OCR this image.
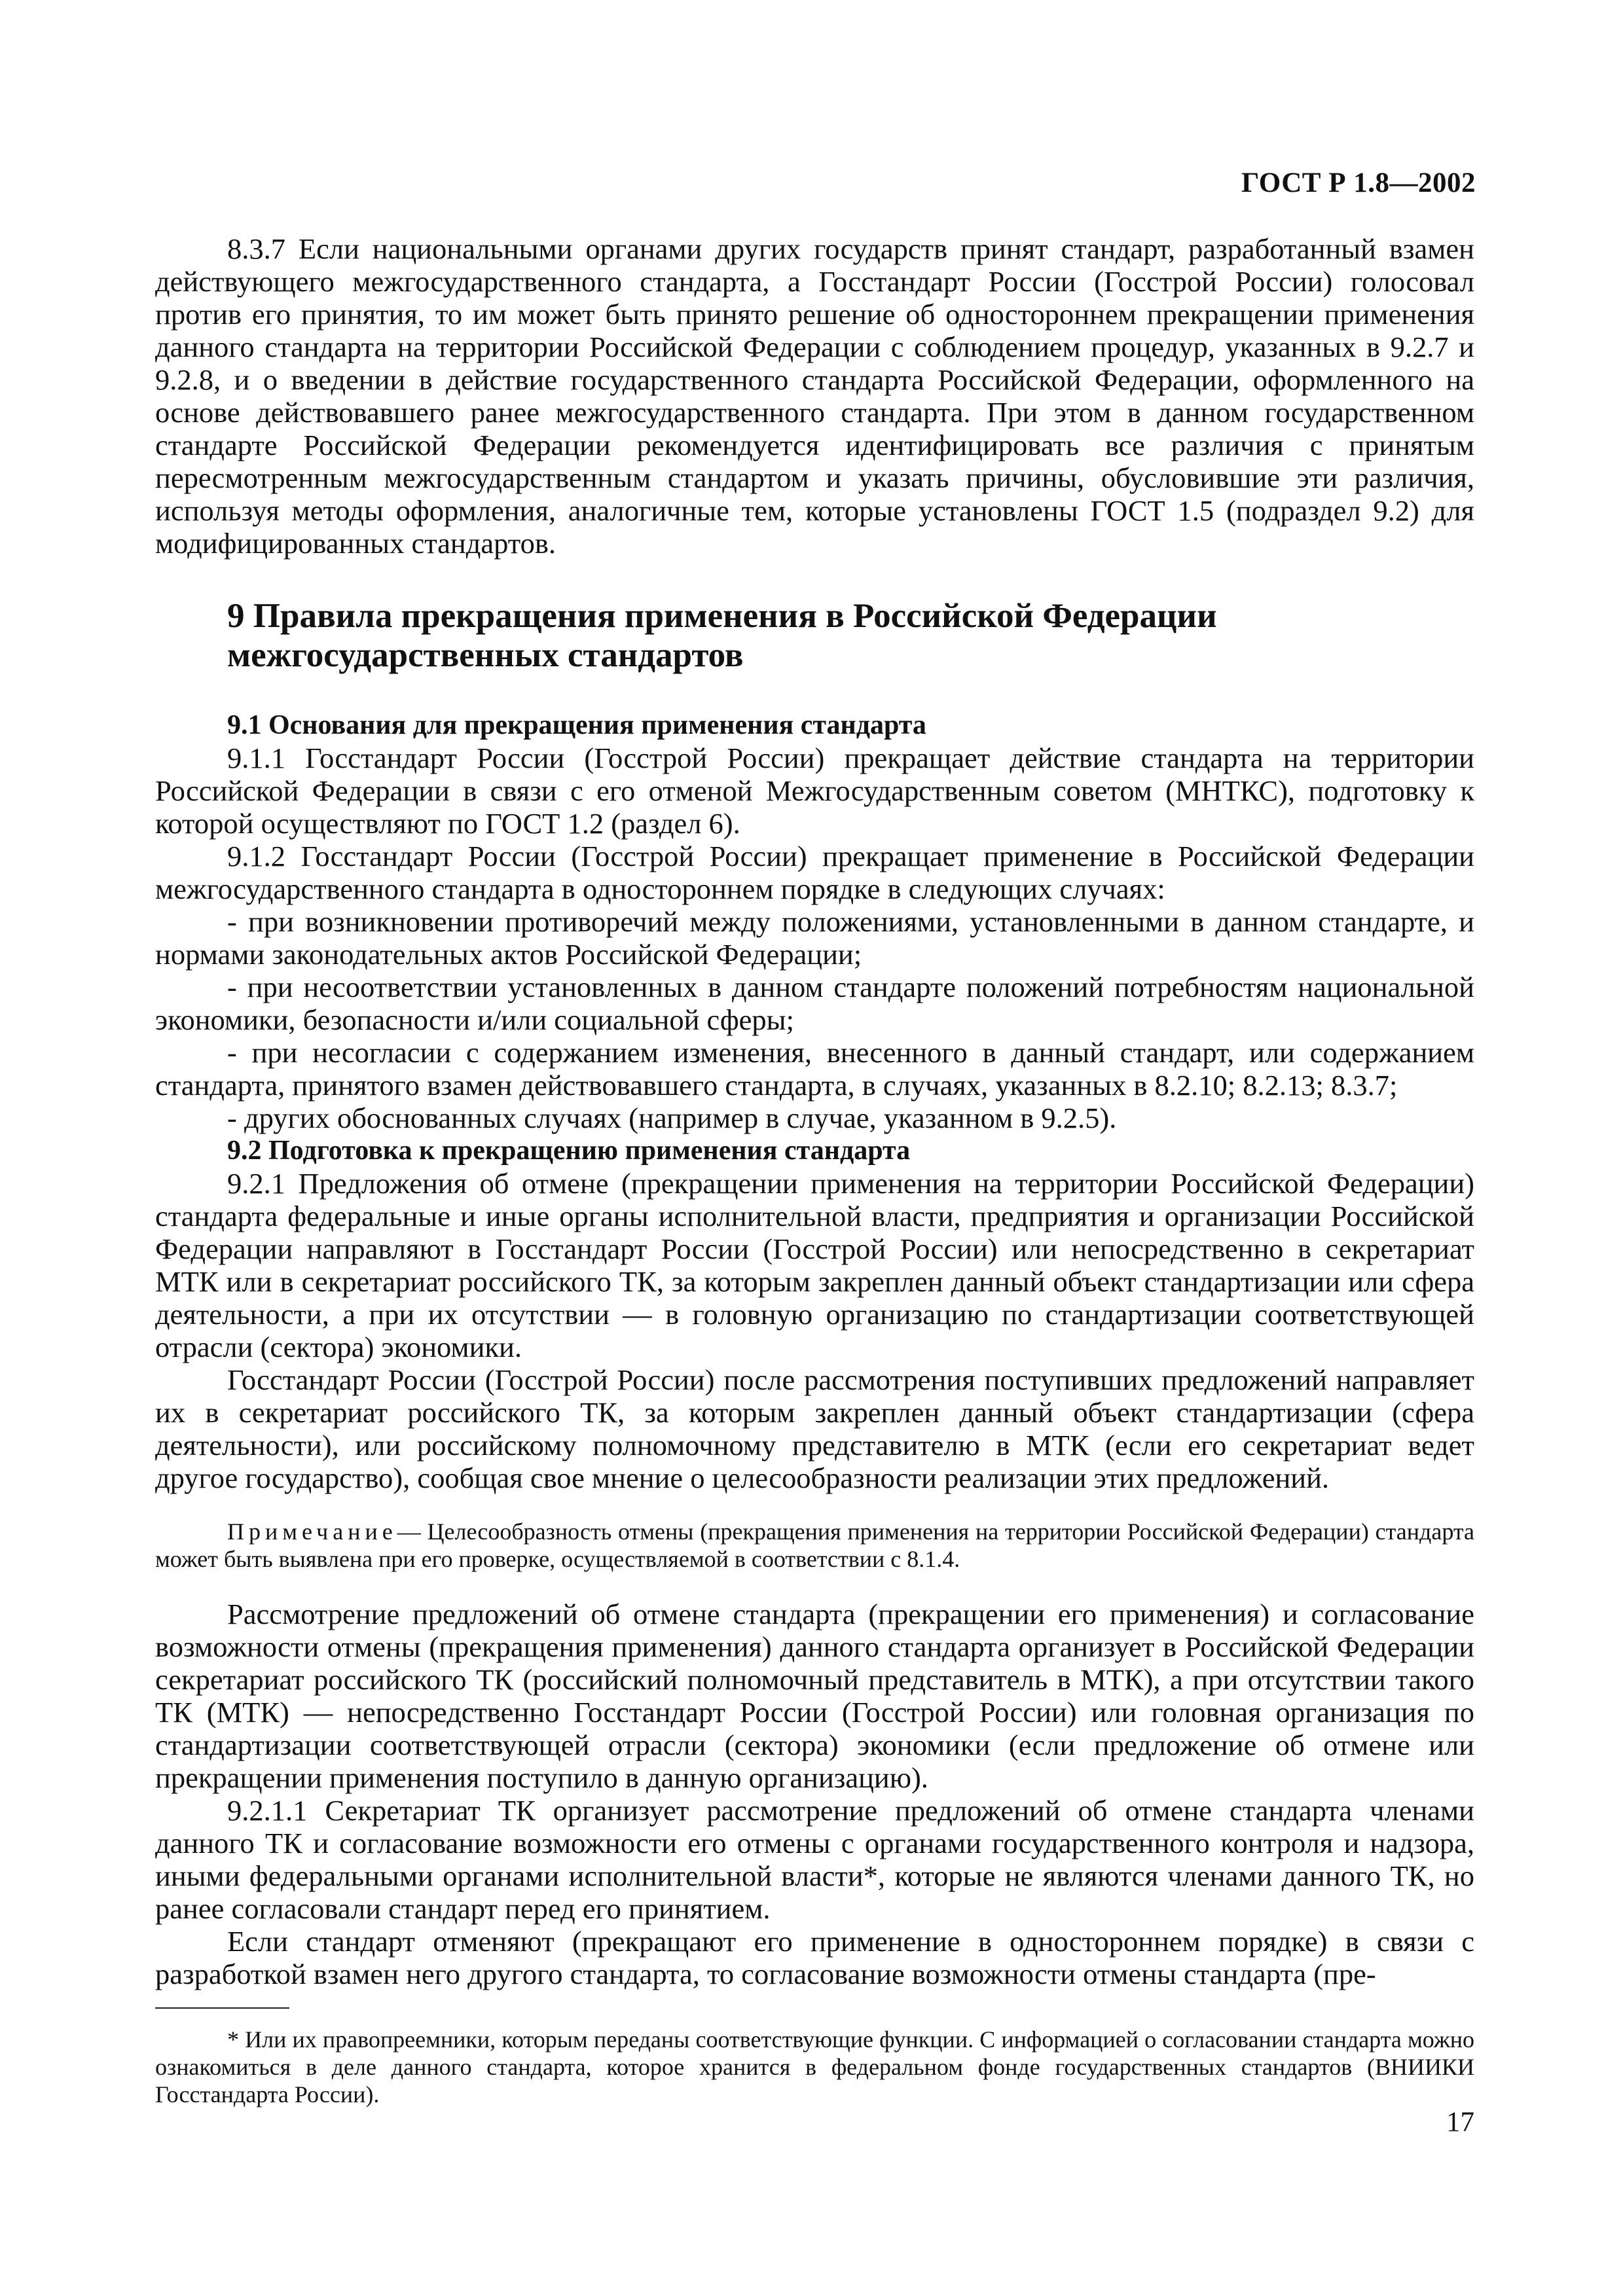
ГОСТ Р 1.8—2002

8.3.7 Если национальными органами других государств принят стандарт, разработанный взамен действующего межгосударственного стандарта, а Госстандарт России (Госстрой России) голосовал против его принятия, то им может быть принято решение об одностороннем прекращении применения данного стандарта на территории Российской Федерации с соблюдением процедур, указанных в 9.2.7 и 9.2.8, и о введении в действие государственного стандарта Российской Федерации, оформленного на основе действовавшего ранее межгосударственного стандарта. При этом в данном государственном стандарте Российской Федерации рекомендуется идентифицировать все различия с принятым пересмотренным межгосударственным стандартом и указать причины, обусловившие эти различия, используя методы оформления, аналогичные тем, которые установлены ГОСТ 1.5 (подраздел 9.2) для модифицированных стандартов.

9 Правила прекращения применения в Российской Федерации
межгосударственных стандартов
9.1 Основания для прекращения применения стандарта

9.1.1 Госстандарт России (Госстрой России) прекращает действие стандарта на территории Российской Федерации в связи с его отменой Межгосударственным советом (МНТКС), подготовку к которой осуществляют по ГОСТ 1.2 (раздел 6).

9.1.2 Госстандарт России (Госстрой России) прекращает применение в Российской Федерации межгосударственного стандарта в одностороннем порядке в следующих случаях:

- при возникновении противоречий между положениями, установленными в данном стандарте, и нормами законодательных актов Российской Федерации;

- при несоответствии установленных в данном стандарте положений потребностям национальной экономики, безопасности и/или социальной сферы;

- при несогласии с содержанием изменения, внесенного в данный стандарт, или содержанием стандарта, принятого взамен действовавшего стандарта, в случаях, указанных в 8.2.10; 8.2.13; 8.3.7;

- других обоснованных случаях (например в случае, указанном в 9.2.5).

9.2 Подготовка к прекращению применения стандарта

9.2.1 Предложения об отмене (прекращении применения на территории Российской Федерации) стандарта федеральные и иные органы исполнительной власти, предприятия и организации Российской Федерации направляют в Госстандарт России (Госстрой России) или непосредственно в секретариат МТК или в секретариат российского ТК, за которым закреплен данный объект стандартизации или сфера деятельности, а при их отсутствии — в головную организацию по стандартизации соответствующей отрасли (сектора) экономики.

Госстандарт России (Госстрой России) после рассмотрения поступивших предложений направляет их в секретариат российского ТК, за которым закреплен данный объект стандартизации (сфера деятельности), или российскому полномочному представителю в МТК (если его секретариат ведет другое государство), сообщая свое мнение о целесообразности реализации этих предложений.

Примечание— Целесообразность отмены (прекращения применения на территории Российской Федерации) стандарта может быть выявлена при его проверке, осуществляемой в соответствии с 8.1.4.

Рассмотрение предложений об отмене стандарта (прекращении его применения) и согласование возможности отмены (прекращения применения) данного стандарта организует в Российской Федерации секретариат российского ТК (российский полномочный представитель в МТК), а при отсутствии такого ТК (МТК) — непосредственно Госстандарт России (Госстрой России) или головная организация по стандартизации соответствующей отрасли (сектора) экономики (если предложение об отмене или прекращении применения поступило в данную организацию).

9.2.1.1 Секретариат ТК организует рассмотрение предложений об отмене стандарта членами данного ТК и согласование возможности его отмены с органами государственного контроля и надзора, иными федеральными органами исполнительной власти*, которые не являются членами данного ТК, но ранее согласовали стандарт перед его принятием.

Если стандарт отменяют (прекращают его применение в одностороннем порядке) в связи с разработкой взамен него другого стандарта, то согласование возможности отмены стандарта (пре-

* Или их правопреемники, которым переданы соответствующие функции. С информацией о согласовании стандарта можно ознакомиться в деле данного стандарта, которое хранится в федеральном фонде государственных стандартов (ВНИИКИ Госстандарта России).
17
